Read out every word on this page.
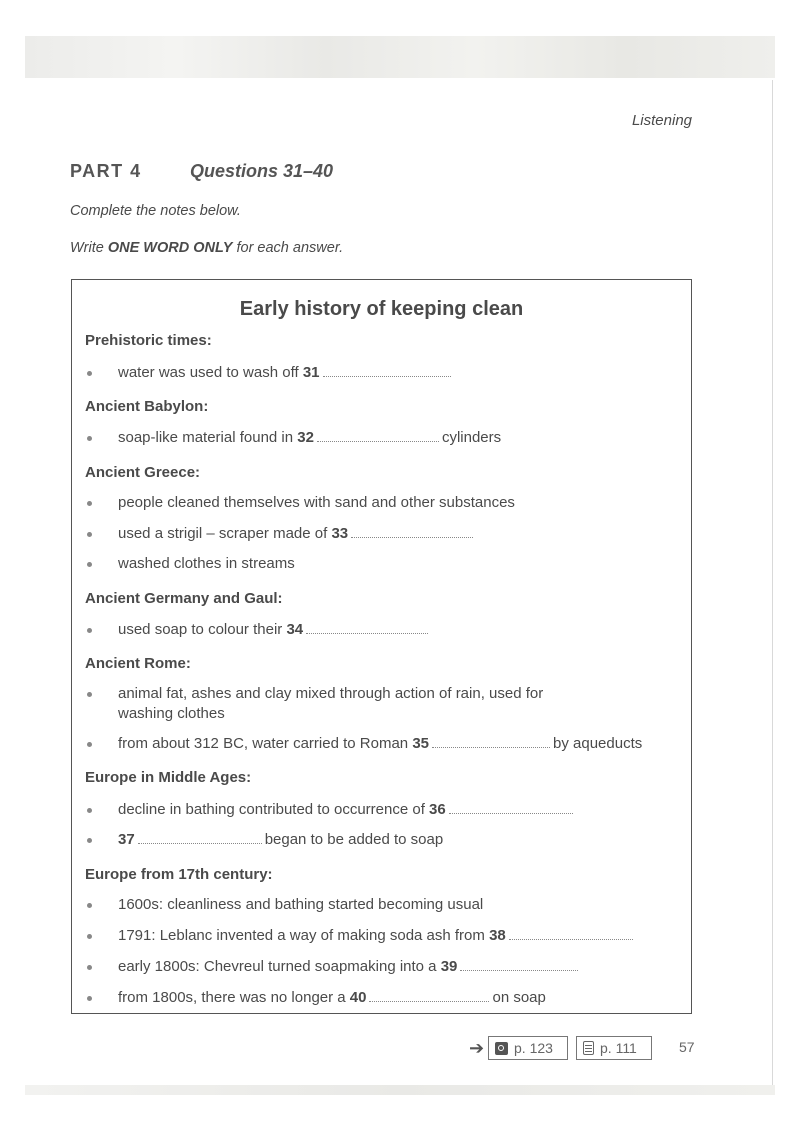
Listening
PART 4	Questions 31–40
Complete the notes below.
Write ONE WORD ONLY for each answer.
Early history of keeping clean
Prehistoric times:
water was used to wash off 31
Ancient Babylon:
soap-like material found in 32	cylinders
Ancient Greece:
people cleaned themselves with sand and other substances
used a strigil – scraper made of 33
washed clothes in streams
Ancient Germany and Gaul:
used soap to colour their 34
Ancient Rome:
animal fat, ashes and clay mixed through action of rain, used for
washing clothes
from about 312 BC, water carried to Roman 35	by aqueducts
Europe in Middle Ages:
decline in bathing contributed to occurrence of 36
37	began to be added to soap
Europe from 17th century:
1600s: cleanliness and bathing started becoming usual
1791: Leblanc invented a way of making soda ash from 38
early 1800s: Chevreul turned soapmaking into a 39
from 1800s, there was no longer a 40	on soap
➔ p. 123	p. 111	57
